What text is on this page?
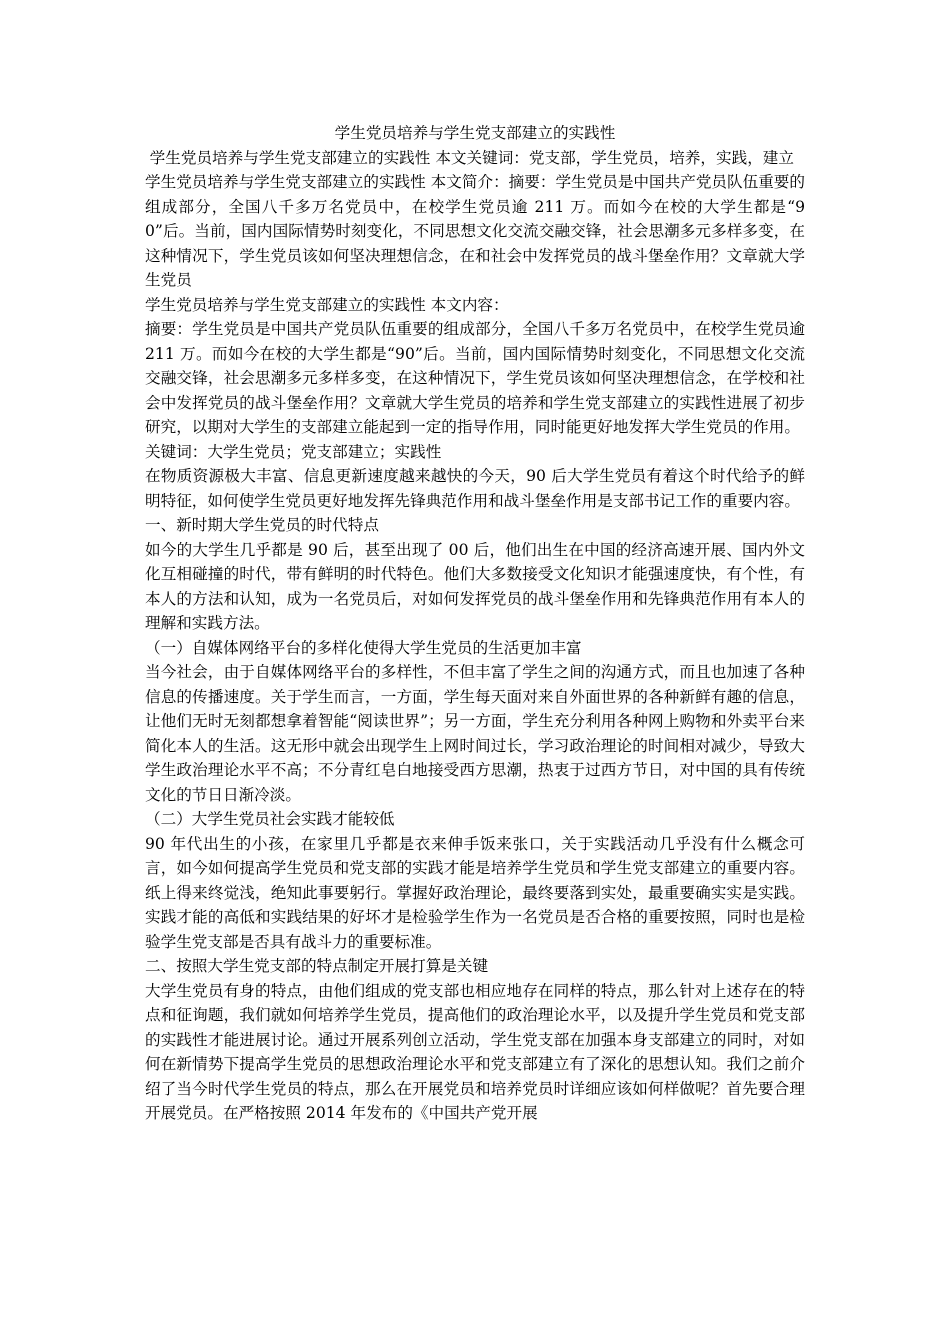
学生党员培养与学生党支部建立的实践性

学生党员培养与学生党支部建立的实践性 本文关键词：党支部，学生党员，培养，实践，建立

学生党员培养与学生党支部建立的实践性 本文简介：摘要：学生党员是中国共产党员队伍重要的组成部分，全国八千多万名党员中，在校学生党员逾 211 万。而如今在校的大学生都是“90”后。当前，国内国际情势时刻变化，不同思想文化交流交融交锋，社会思潮多元多样多变，在这种情况下，学生党员该如何坚决理想信念，在和社会中发挥党员的战斗堡垒作用？文章就大学生党员

学生党员培养与学生党支部建立的实践性 本文内容：

摘要：学生党员是中国共产党员队伍重要的组成部分，全国八千多万名党员中，在校学生党员逾 211 万。而如今在校的大学生都是“90”后。当前，国内国际情势时刻变化，不同思想文化交流交融交锋，社会思潮多元多样多变，在这种情况下，学生党员该如何坚决理想信念，在学校和社会中发挥党员的战斗堡垒作用？文章就大学生党员的培养和学生党支部建立的实践性进展了初步研究，以期对大学生的支部建立能起到一定的指导作用，同时能更好地发挥大学生党员的作用。

关键词：大学生党员；党支部建立；实践性

在物质资源极大丰富、信息更新速度越来越快的今天，90 后大学生党员有着这个时代给予的鲜明特征，如何使学生党员更好地发挥先锋典范作用和战斗堡垒作用是支部书记工作的重要内容。

一、新时期大学生党员的时代特点

如今的大学生几乎都是 90 后，甚至出现了 00 后，他们出生在中国的经济高速开展、国内外文化互相碰撞的时代，带有鲜明的时代特色。他们大多数接受文化知识才能强速度快，有个性，有本人的方法和认知，成为一名党员后，对如何发挥党员的战斗堡垒作用和先锋典范作用有本人的理解和实践方法。

（一）自媒体网络平台的多样化使得大学生党员的生活更加丰富

当今社会，由于自媒体网络平台的多样性，不但丰富了学生之间的沟通方式，而且也加速了各种信息的传播速度。关于学生而言，一方面，学生每天面对来自外面世界的各种新鲜有趣的信息，让他们无时无刻都想拿着智能“阅读世界”；另一方面，学生充分利用各种网上购物和外卖平台来简化本人的生活。这无形中就会出现学生上网时间过长，学习政治理论的时间相对减少，导致大学生政治理论水平不高；不分青红皂白地接受西方思潮，热衷于过西方节日，对中国的具有传统文化的节日日渐冷淡。

（二）大学生党员社会实践才能较低

90 年代出生的小孩，在家里几乎都是衣来伸手饭来张口，关于实践活动几乎没有什么概念可言，如今如何提高学生党员和党支部的实践才能是培养学生党员和学生党支部建立的重要内容。纸上得来终觉浅，绝知此事要躬行。掌握好政治理论，最终要落到实处，最重要确实实是实践。实践才能的高低和实践结果的好坏才是检验学生作为一名党员是否合格的重要按照，同时也是检验学生党支部是否具有战斗力的重要标准。

二、按照大学生党支部的特点制定开展打算是关键

大学生党员有身的特点，由他们组成的党支部也相应地存在同样的特点，那么针对上述存在的特点和征询题，我们就如何培养学生党员，提高他们的政治理论水平，以及提升学生党员和党支部的实践性才能进展讨论。通过开展系列创立活动，学生党支部在加强本身支部建立的同时，对如何在新情势下提高学生党员的思想政治理论水平和党支部建立有了深化的思想认知。我们之前介绍了当今时代学生党员的特点，那么在开展党员和培养党员时详细应该如何样做呢？首先要合理开展党员。在严格按照 2014 年发布的《中国共产党开展
